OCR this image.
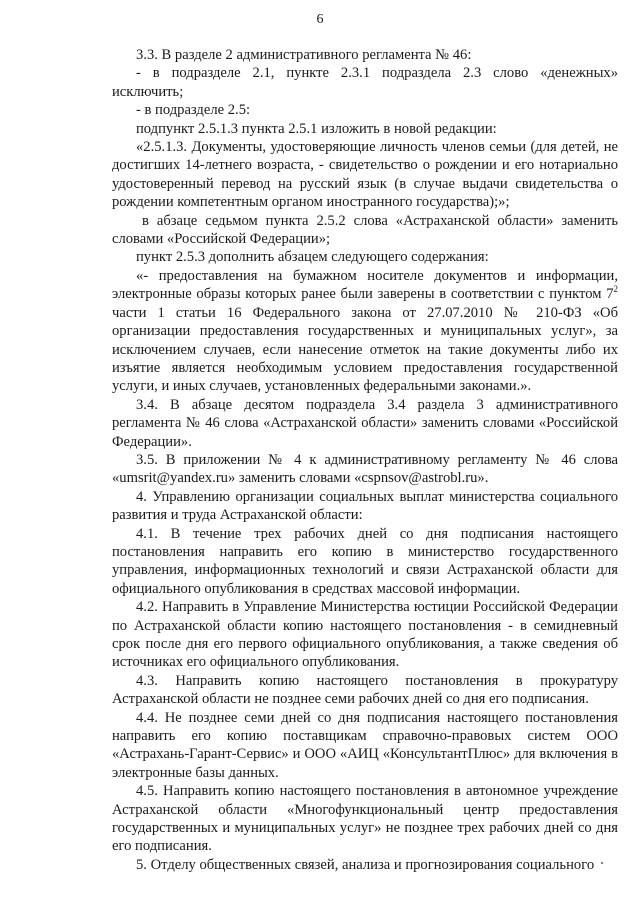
6

3.3. В разделе 2 административного регламента № 46:

- в подразделе 2.1, пункте 2.3.1 подраздела 2.3 слово «денежных» исключить;

- в подразделе 2.5:

подпункт 2.5.1.3 пункта 2.5.1 изложить в новой редакции:

«2.5.1.3. Документы, удостоверяющие личность членов семьи (для детей, не достигших 14-летнего возраста, - свидетельство о рождении и его нотариально удостоверенный перевод на русский язык (в случае выдачи свидетельства о рождении компетентным органом иностранного государства);»;

в абзаце седьмом пункта 2.5.2 слова «Астраханской области» заменить словами «Российской Федерации»;

пункт 2.5.3 дополнить абзацем следующего содержания:

«- предоставления на бумажном носителе документов и информации, электронные образы которых ранее были заверены в соответствии с пунктом $7^2$ части 1 статьи 16 Федерального закона от 27.07.2010 № 210-ФЗ «Об организации предоставления государственных и муниципальных услуг», за исключением случаев, если нанесение отметок на такие документы либо их изъятие является необходимым условием предоставления государственной услуги, и иных случаев, установленных федеральными законами.».

3.4. В абзаце десятом подраздела 3.4 раздела 3 административного регламента № 46 слова «Астраханской области» заменить словами «Российской Федерации».

3.5. В приложении № 4 к административному регламенту № 46 слова «umsrit@yandex.ru» заменить словами «cspnsov@astrobl.ru».

4. Управлению организации социальных выплат министерства социального развития и труда Астраханской области:

4.1. В течение трех рабочих дней со дня подписания настоящего постановления направить его копию в министерство государственного управления, информационных технологий и связи Астраханской области для официального опубликования в средствах массовой информации.

4.2. Направить в Управление Министерства юстиции Российской Федерации по Астраханской области копию настоящего постановления - в семидневный срок после дня его первого официального опубликования, а также сведения об источниках его официального опубликования.

4.3. Направить копию настоящего постановления в прокуратуру Астраханской области не позднее семи рабочих дней со дня его подписания.

4.4. Не позднее семи дней со дня подписания настоящего постановления направить его копию поставщикам справочно-правовых систем ООО «Астрахань-Гарант-Сервис» и ООО «АИЦ «КонсультантПлюс» для включения в электронные базы данных.

4.5. Направить копию настоящего постановления в автономное учреждение Астраханской области «Многофункциональный центр предоставления государственных и муниципальных услуг» не позднее трех рабочих дней со дня его подписания.

5. Отделу общественных связей, анализа и прогнозирования социального
